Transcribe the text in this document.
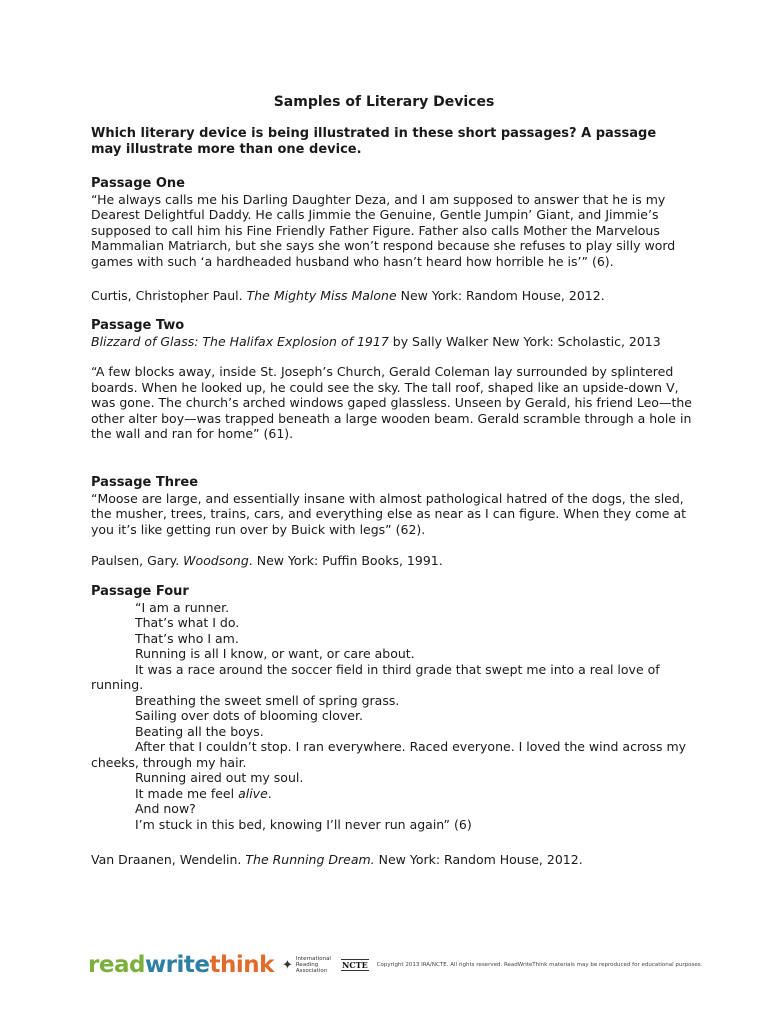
Samples of Literary Devices
Which literary device is being illustrated in these short passages? A passage may illustrate more than one device.

Passage One

“He always calls me his Darling Daughter Deza, and I am supposed to answer that he is my Dearest Delightful Daddy. He calls Jimmie the Genuine, Gentle Jumpin’ Giant, and Jimmie’s supposed to call him his Fine Friendly Father Figure. Father also calls Mother the Marvelous Mammalian Matriarch, but she says she won’t respond because she refuses to play silly word games with such ‘a hardheaded husband who hasn’t heard how horrible he is’” (6).

Curtis, Christopher Paul. The Mighty Miss Malone New York: Random House, 2012.

Passage Two

Blizzard of Glass: The Halifax Explosion of 1917 by Sally Walker New York: Scholastic, 2013

“A few blocks away, inside St. Joseph’s Church, Gerald Coleman lay surrounded by splintered boards. When he looked up, he could see the sky. The tall roof, shaped like an upside-down V, was gone. The church’s arched windows gaped glassless. Unseen by Gerald, his friend Leo—the other alter boy—was trapped beneath a large wooden beam. Gerald scramble through a hole in the wall and ran for home” (61).

Passage Three

“Moose are large, and essentially insane with almost pathological hatred of the dogs, the sled, the musher, trees, trains, cars, and everything else as near as I can figure. When they come at you it’s like getting run over by Buick with legs” (62).

Paulsen, Gary. Woodsong. New York: Puffin Books, 1991.

Passage Four

“I am a runner.
That’s what I do.
That’s who I am.
Running is all I know, or want, or care about.
It was a race around the soccer field in third grade that swept me into a real love of running.
Breathing the sweet smell of spring grass.
Sailing over dots of blooming clover.
Beating all the boys.
After that I couldn’t stop. I ran everywhere. Raced everyone. I loved the wind across my cheeks, through my hair.
Running aired out my soul.
It made me feel alive.
And now?
I’m stuck in this bed, knowing I’ll never run again” (6)

Van Draanen, Wendelin. The Running Dream. New York: Random House, 2012.

readwritethink ✦ International
Reading Association
NCTE Copyright 2013 IRA/NCTE. All rights reserved. ReadWriteThink materials may be reproduced for educational purposes.
